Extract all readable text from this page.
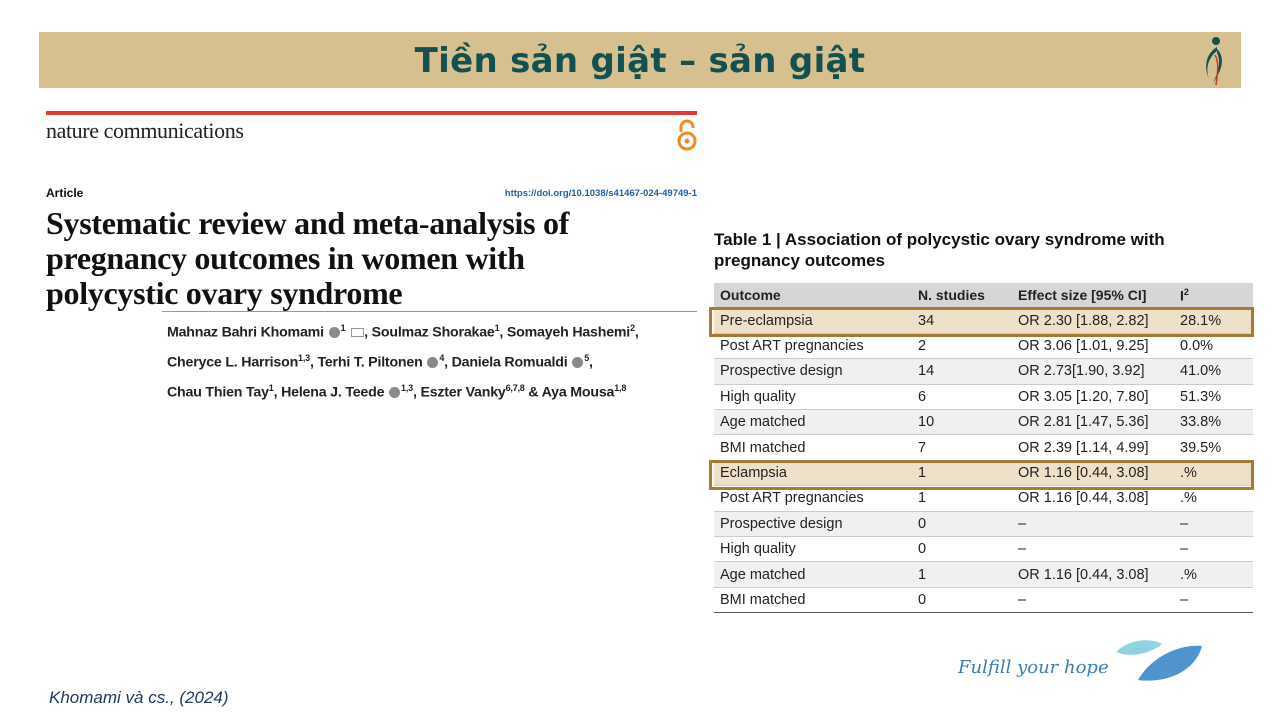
Tiền sản giật – sản giật
nature communications
Article	https://doi.org/10.1038/s41467-024-49749-1
Systematic review and meta-analysis of
pregnancy outcomes in women with
polycystic ovary syndrome
Mahnaz Bahri Khomami $^1$ , Soulmaz Shorakae$^1$, Somayeh Hashemi$^2$,
Cheryce L. Harrison$^{1,3}$, Terhi T. Piltonen $^4$, Daniela Romualdi $^5$,
Chau Thien Tay$^1$, Helena J. Teede $^{1,3}$, Eszter Vanky$^{6,7,8}$ & Aya Mousa$^{1,8}$
Table 1 | Association of polycystic ovary syndrome with
pregnancy outcomes
Outcome	N. studies	Effect size [95% CI]	$I^2$
Pre-eclampsia	34	OR 2.30 [1.88, 2.82]	28.1%
Post ART pregnancies	2	OR 3.06 [1.01, 9.25]	0.0%
Prospective design	14	OR 2.73[1.90, 3.92]	41.0%
High quality	6	OR 3.05 [1.20, 7.80]	51.3%
Age matched	10	OR 2.81 [1.47, 5.36]	33.8%
BMI matched	7	OR 2.39 [1.14, 4.99]	39.5%
Eclampsia	1	OR 1.16 [0.44, 3.08]	.%
Post ART pregnancies	1	OR 1.16 [0.44, 3.08]	.%
Prospective design	0	–	–
High quality	0	–	–
Age matched	1	OR 1.16 [0.44, 3.08]	.%
BMI matched	0	–	–
Khomami và cs., (2024)
Fulfill your hope
